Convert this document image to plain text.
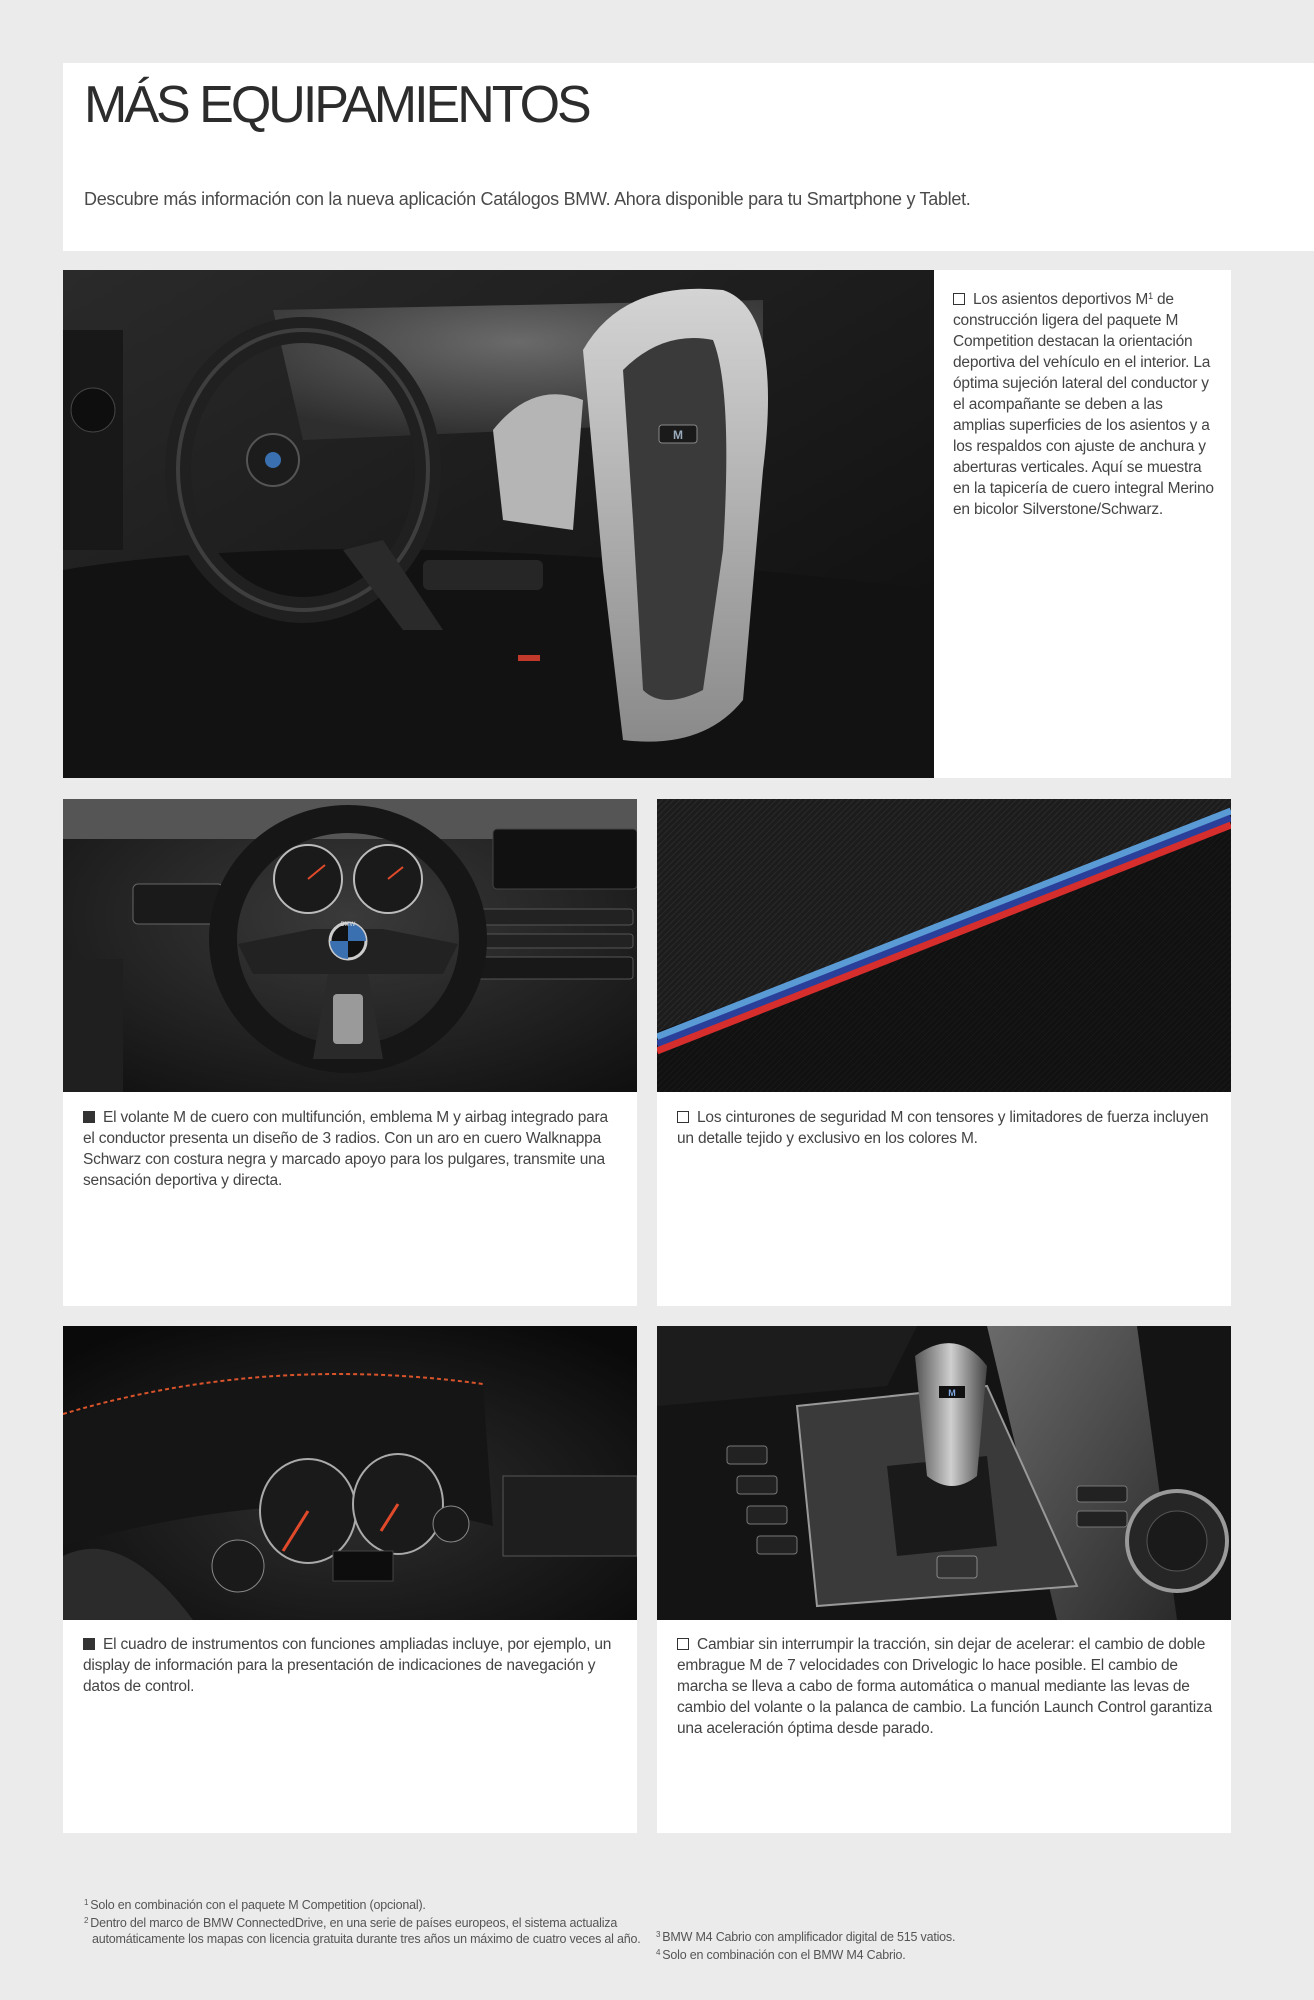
MÁS EQUIPAMIENTOS

Descubre más información con la nueva aplicación Catálogos BMW. Ahora disponible para tu Smartphone y Tablet.

M
Los asientos deportivos $M^1$ de construcción ligera del paquete M Competition destacan la orientación deportiva del vehículo en el interior. La óptima sujeción lateral del conductor y el acompañante se deben a las amplias superficies de los asientos y a los respaldos con ajuste de anchura y aberturas verticales. Aquí se muestra en la tapicería de cuero integral Merino en bicolor Silverstone/Schwarz.
BMW
El volante M de cuero con multifunción, emblema M y airbag integrado para el conductor presenta un diseño de 3 radios. Con un aro en cuero Walknappa Schwarz con costura negra y marcado apoyo para los pulgares, transmite una sensación deportiva y directa.
Los cinturones de seguridad M con tensores y limitadores de fuerza incluyen un detalle tejido y exclusivo en los colores M.
El cuadro de instrumentos con funciones ampliadas incluye, por ejemplo, un display de información para la presentación de indicaciones de navegación y datos de control.
M
Cambiar sin interrumpir la tracción, sin dejar de acelerar: el cambio de doble embrague M de 7 velocidades con Drivelogic lo hace posible. El cambio de marcha se lleva a cabo de forma automática o manual mediante las levas de cambio del volante o la palanca de cambio. La función Launch Control garantiza una aceleración óptima desde parado.
$^1$ Solo en combinación con el paquete M Competition (opcional).
$^2$ Dentro del marco de BMW ConnectedDrive, en una serie de países europeos, el sistema actualiza automáticamente los mapas con licencia gratuita durante tres años un máximo de cuatro veces al año.	$^3$ BMW M4 Cabrio con amplificador digital de 515 vatios.
$^4$ Solo en combinación con el BMW M4 Cabrio.
